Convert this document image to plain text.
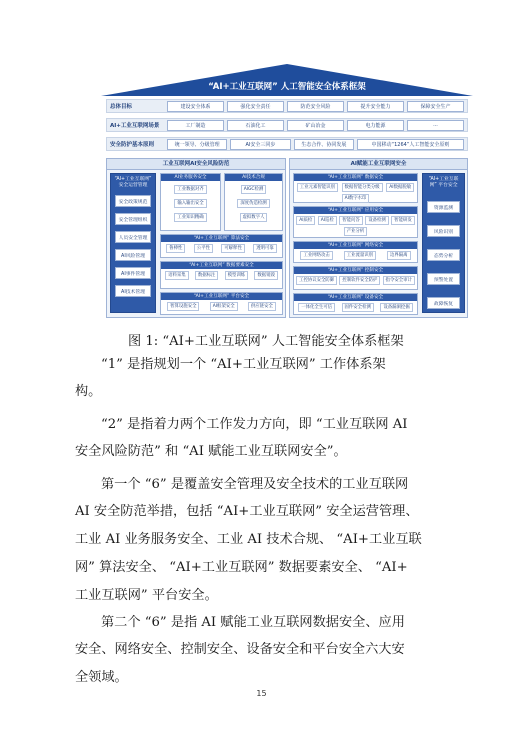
“AI+工业互联网” 人工智能安全体系框架
总体目标	建设安全体系	强化安全责任	防范安全风险	提升安全能力	保障安全生产
AI+工业互联网场景	工厂制造	石油化工	矿山冶金	电力能源	...
安全防护基本原则	统一领导、分级管理	AI安全三同步	生态合作、协同发展	中国移动“1264”人工智能安全原则
工业互联网AI安全风险防范
“AI+工业互联网” 安全运营管理
安全政策规范
安全管理组织
人员安全管理
AI风险管理
AI事件管理
AI技术管理
AI业务服务安全
工业数据对齐
输入输出安全
工业知识精确
AI技术合规
AIGC检测
深度伪造检测
虚拟数字人
“AI+工业互联网” 算法安全
鲁棒性	公平性	可解释性	透明可靠
“AI+工业互联网” 数据要素安全
语料采集	数据标注	模型训练	数据销毁
“AI+工业互联网” 平台安全
智算设施安全	AI框架安全	供应链安全
AI赋能工业互联网安全
“AI+工业互联网” 数据安全
工业元素智能识别	数据智能分类分级	AI数据脱敏
AI数字水印
“AI+工业互联网” 应用安全
AI质检	AI巡检	智能问答	设备检测	智能研发
产业分析
“AI+工业互联网” 网络安全
工业网络攻击	工业流量识别	边界隔离
“AI+工业互联网” 控制安全
工控协议安全防御	控制软件安全防护	指令安全审计
“AI+工业互联网” 设备安全
一体化全生可信	固件安全检测	设备漏洞挖掘
“AI+工业互联网” 平台安全
资源监测
风险识别
态势分析
预警处置
故障恢复
图 1: “AI+工业互联网” 人工智能安全体系框架
“1” 是指规划一个 “AI+工业互联网” 工作体系架
构。
“2” 是指着力两个工作发力方向，即 “工业互联网 AI
安全风险防范” 和 “AI 赋能工业互联网安全”。
第一个 “6” 是覆盖安全管理及安全技术的工业互联网
AI 安全防范举措，包括 “AI+工业互联网” 安全运营管理、
工业 AI 业务服务安全、工业 AI 技术合规、 “AI+工业互联
网” 算法安全、 “AI+工业互联网” 数据要素安全、 “AI+
工业互联网” 平台安全。
第二个 “6” 是指 AI 赋能工业互联网数据安全、应用
安全、网络安全、控制安全、设备安全和平台安全六大安
全领域。
15
